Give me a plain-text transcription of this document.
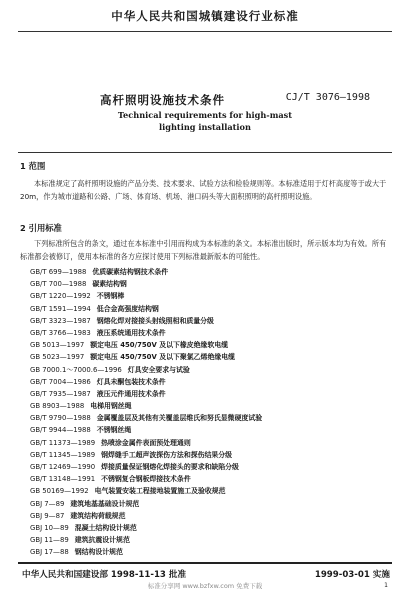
中华人民共和国城镇建设行业标准
高杆照明设施技术条件	CJ/T 3076—1998
Technical requirements for high-mast
lighting installation
1 范围
本标准规定了高杆照明设施的产品分类、技术要求、试验方法和检验规则等。本标准适用于灯杆高度等于或大于 20m，作为城市道路和公路、广场、体育场、机场、港口码头等大面积照明的高杆照明设施。
2 引用标准
下列标准所包含的条文，通过在本标准中引用而构成为本标准的条文。本标准出版时，所示版本均为有效。所有标准都会被修订，使用本标准的各方应探讨使用下列标准最新版本的可能性。
GB/T 699—1988 优质碳素结构钢技术条件
GB/T 700—1988 碳素结构钢
GB/T 1220—1992 不锈钢棒
GB/T 1591—1994 低合金高强度结构钢
GB/T 3323—1987 钢熔化焊对接接头射线照相和质量分级
GB/T 3766—1983 液压系统通用技术条件
GB 5013—1997 额定电压 450/750V 及以下橡皮绝缘软电缆
GB 5023—1997 额定电压 450/750V 及以下聚氯乙烯绝缘电缆
GB 7000.1～7000.6—1996 灯具安全要求与试验
GB/T 7004—1986 灯具未酮包装技术条件
GB/T 7935—1987 液压元件通用技术条件
GB 8903—1988 电梯用钢丝绳
GB/T 9790—1988 金属覆盖层及其他有关覆盖层维氏和努氏显微硬度试验
GB/T 9944—1988 不锈钢丝绳
GB/T 11373—1989 热喷涂金属件表面预处理通则
GB/T 11345—1989 钢焊缝手工超声波探伤方法和探伤结果分级
GB/T 12469—1990 焊接质量保证钢熔化焊接头的要求和缺陷分级
GB/T 13148—1991 不锈钢复合钢板焊接技术条件
GB 50169—1992 电气装置安装工程接地装置施工及验收规范
GBJ 7—89 建筑地基基础设计规范
GBJ 9—87 建筑结构荷载规范
GBJ 10—89 混凝土结构设计规范
GBJ 11—89 建筑抗震设计规范
GBJ 17—88 钢结构设计规范
中华人民共和国建设部 1998-11-13 批准	1999-03-01 实施
1
标准分享网 www.bzfxw.com 免费下载
